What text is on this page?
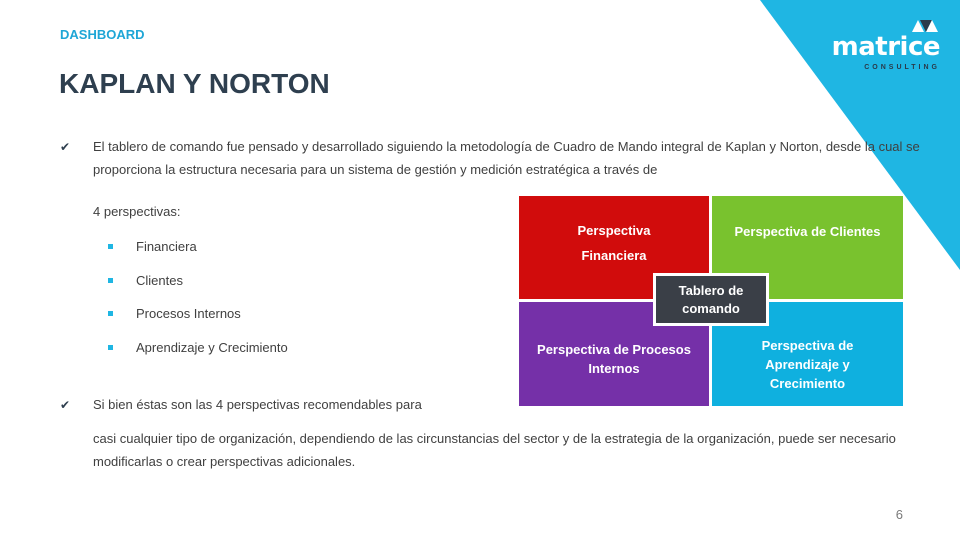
matrice
CONSULTING
DASHBOARD
KAPLAN Y NORTON
✔ El tablero de comando fue pensado y desarrollado siguiendo la metodología de Cuadro de Mando integral de Kaplan y Norton, desde la cual se proporciona la estructura necesaria para un sistema de gestión y medición estratégica a través de
4 perspectivas:
Financiera
Clientes
Procesos Internos
Aprendizaje y Crecimiento
✔ Si bien éstas son las 4 perspectivas recomendables para
casi cualquier tipo de organización, dependiendo de las circunstancias del sector y de la estrategia de la organización, puede ser necesario modificarlas o crear perspectivas adicionales.
Perspectiva Financiera
Perspectiva de Clientes
Perspectiva de Procesos Internos
Perspectiva de Aprendizaje y Crecimiento
Tablero de comando
6
